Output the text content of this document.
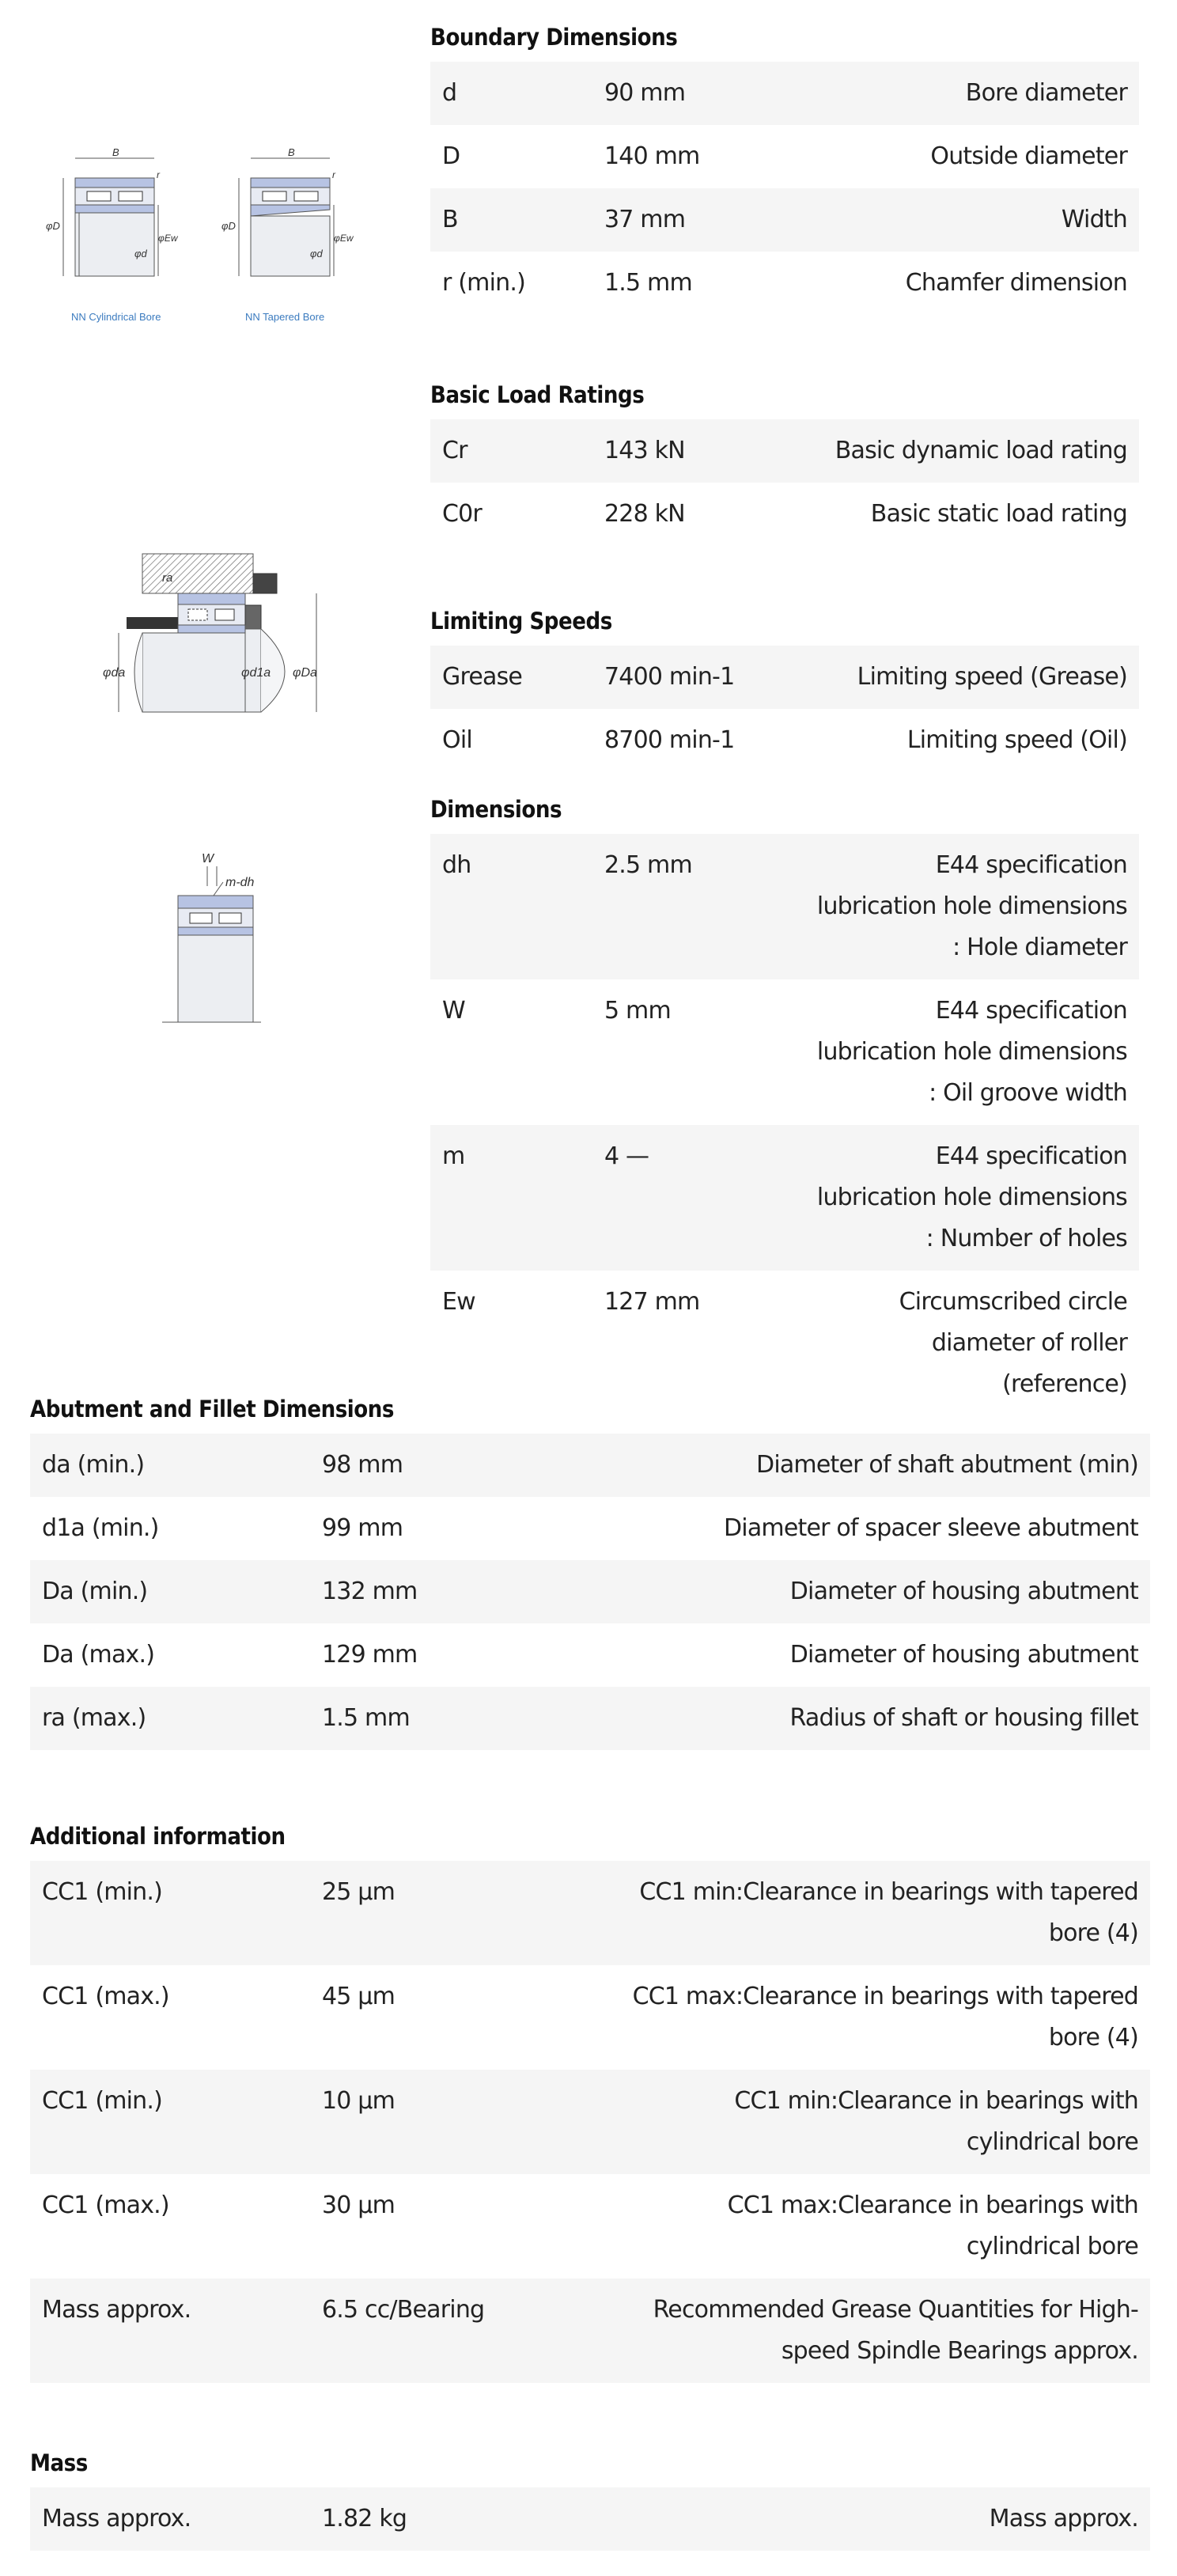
B
r
φD
φEw
φd
NN Cylindrical Bore
B
r
φD
φEw
φd
NN Tapered Bore
ra
φda	φd1a φDa
W
m-dh
Boundary Dimensions
d	90 mm	Bore diameter
D	140 mm	Outside diameter
B	37 mm	Width
r (min.)	1.5 mm	Chamfer dimension
Basic Load Ratings
Cr	143 kN	Basic dynamic load rating
C0r	228 kN	Basic static load rating
Limiting Speeds
Grease	7400 min-1	Limiting speed (Grease)
Oil	8700 min-1	Limiting speed (Oil)
Dimensions
dh	2.5 mm	E44 specification lubrication hole dimensions : Hole diameter
W	5 mm	E44 specification lubrication hole dimensions : Oil groove width
m	4 —	E44 specification lubrication hole dimensions : Number of holes
Ew	127 mm	Circumscribed circle diameter of roller (reference)
Abutment and Fillet Dimensions
da (min.)	98 mm	Diameter of shaft abutment (min)
d1a (min.)	99 mm	Diameter of spacer sleeve abutment
Da (min.)	132 mm	Diameter of housing abutment
Da (max.)	129 mm	Diameter of housing abutment
ra (max.)	1.5 mm	Radius of shaft or housing fillet
Additional information
CC1 (min.)	25 μm	CC1 min:Clearance in bearings with tapered bore (4)
CC1 (max.)	45 μm	CC1 max:Clearance in bearings with tapered bore (4)
CC1 (min.)	10 μm	CC1 min:Clearance in bearings with cylindrical bore
CC1 (max.)	30 μm	CC1 max:Clearance in bearings with cylindrical bore
Mass approx.	6.5 cc/Bearing	Recommended Grease Quantities for High-speed Spindle Bearings approx.
Mass
Mass approx.	1.82 kg	Mass approx.
